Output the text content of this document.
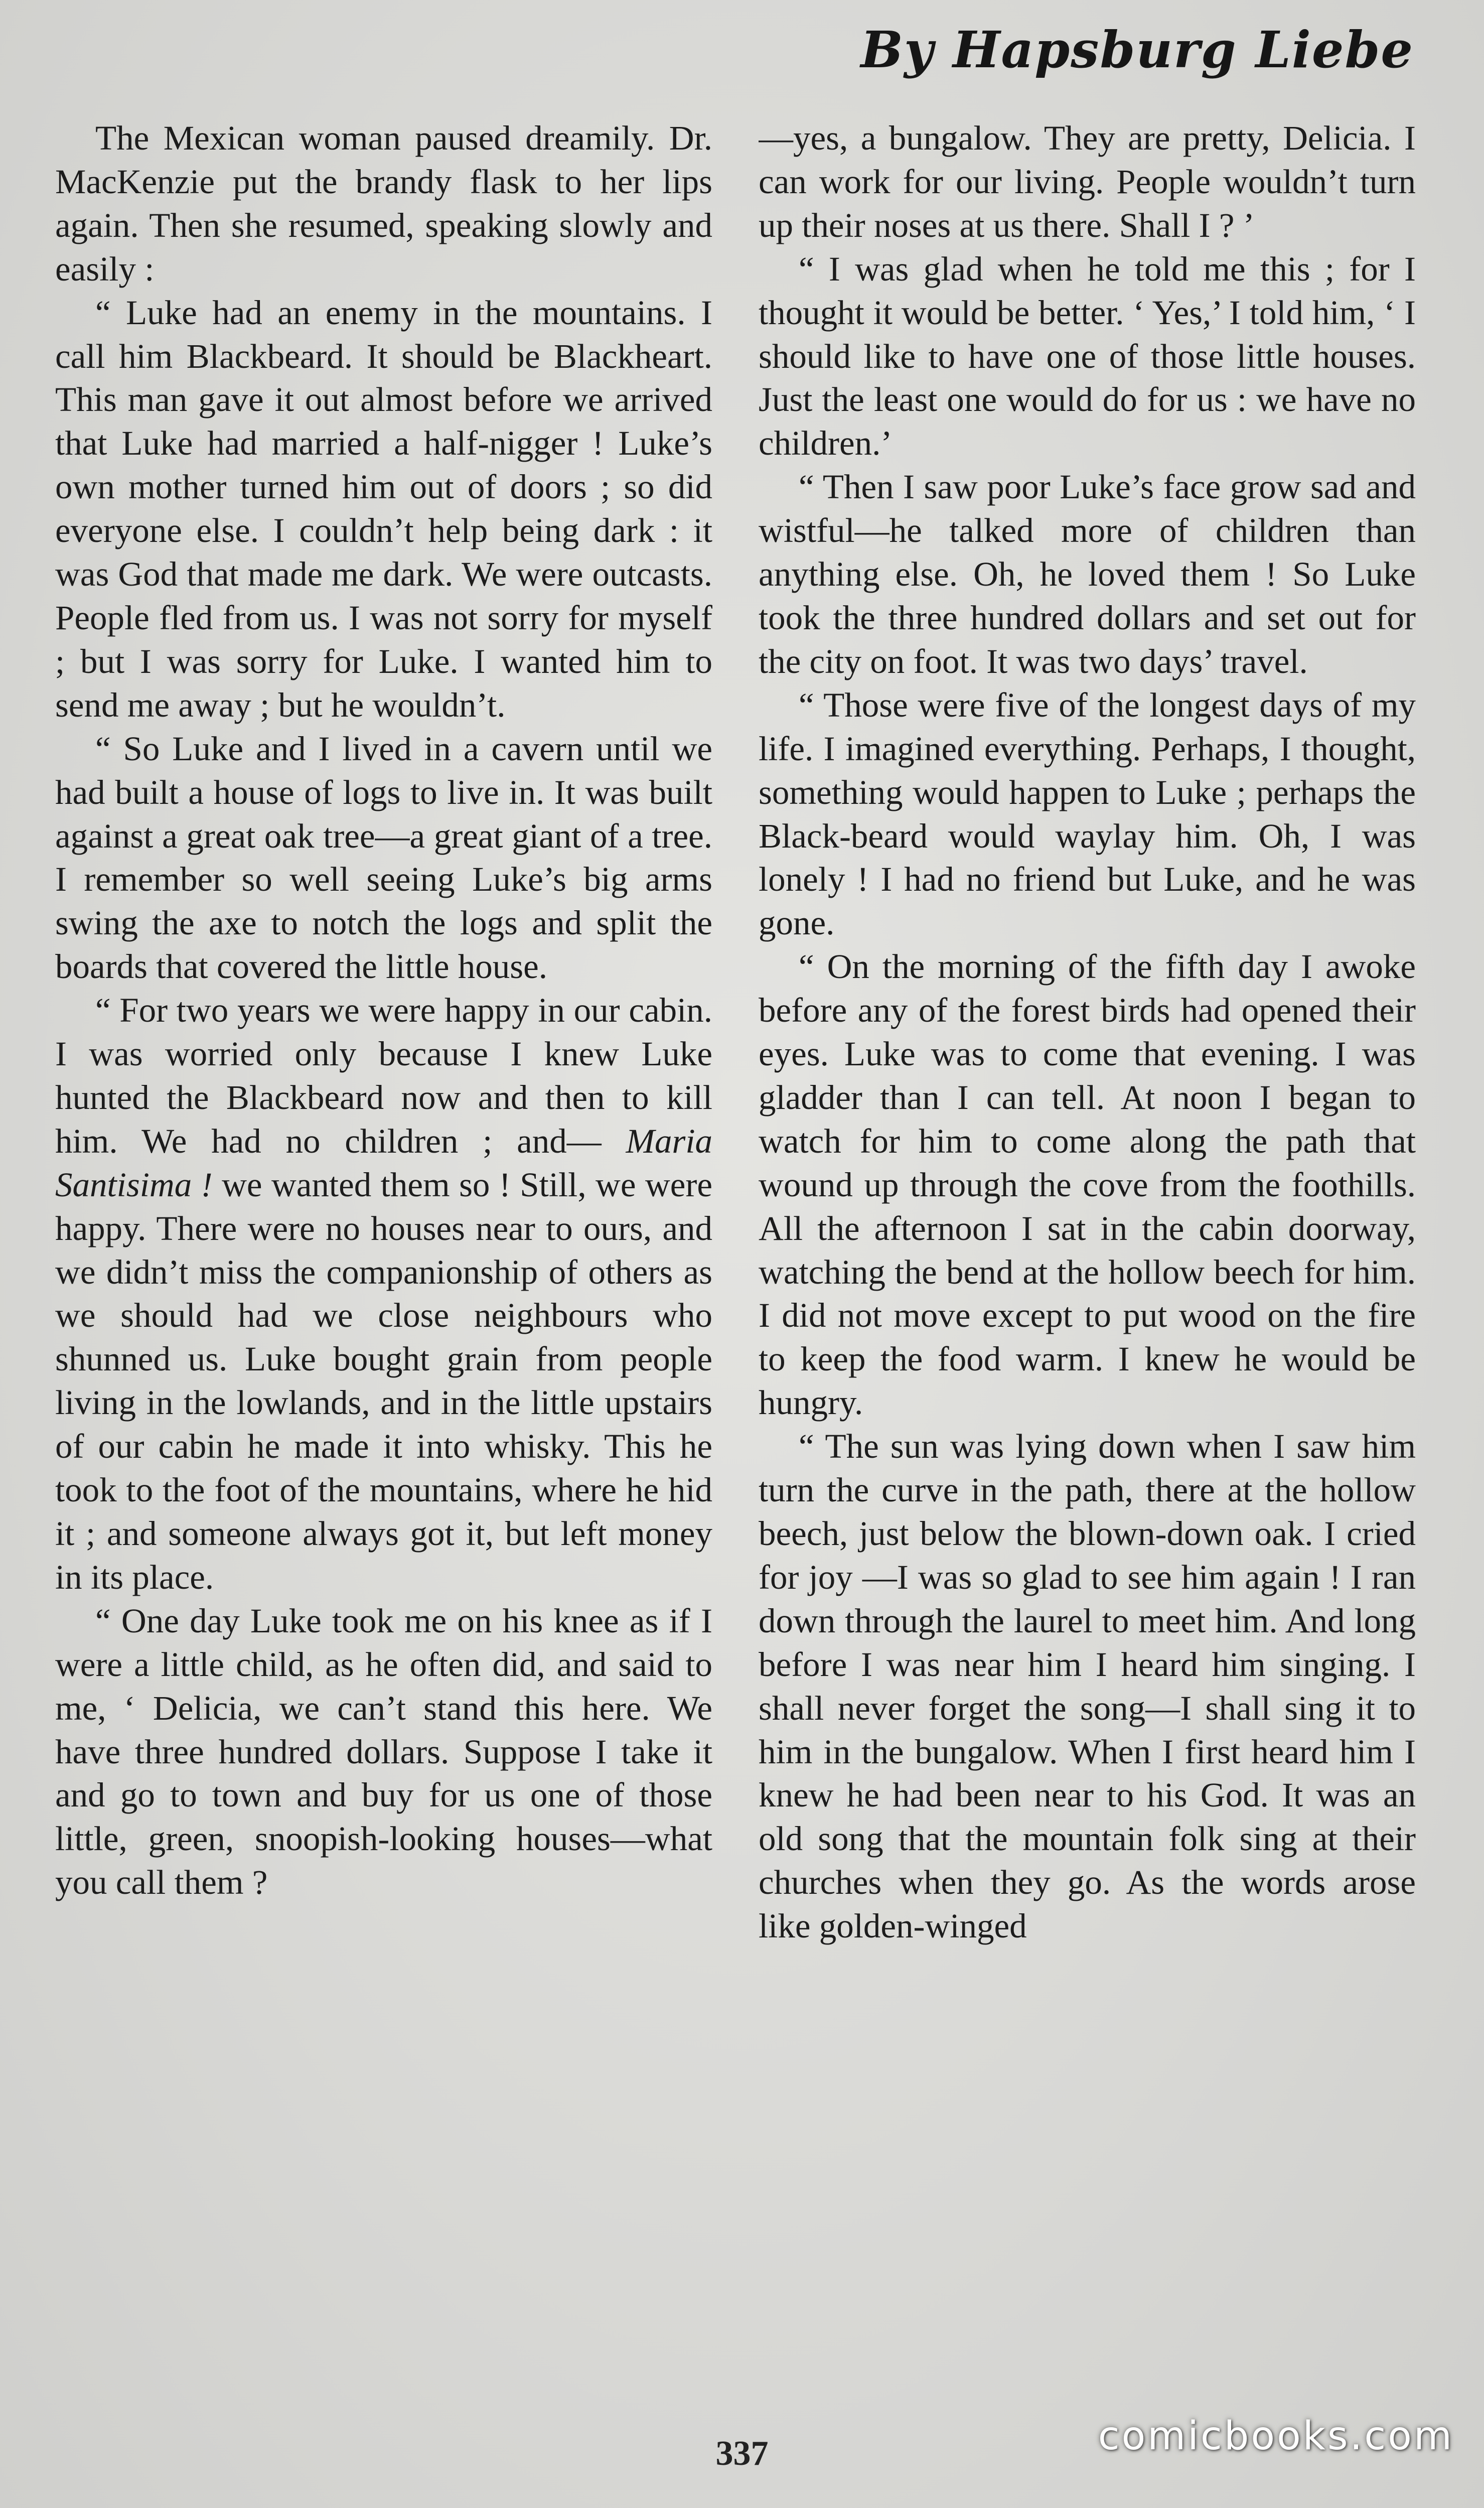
By Hapsburg Liebe

The Mexican woman paused dreamily. Dr. MacKenzie put the brandy flask to her lips again. Then she resumed, speaking slowly and easily :

“ Luke had an enemy in the mountains. I call him Blackbeard. It should be Blackheart. This man gave it out almost before we arrived that Luke had married a half-nigger ! Luke’s own mother turned him out of doors ; so did everyone else. I couldn’t help being dark : it was God that made me dark. We were outcasts. People fled from us. I was not sorry for myself ; but I was sorry for Luke. I wanted him to send me away ; but he wouldn’t.

“ So Luke and I lived in a cavern until we had built a house of logs to live in. It was built against a great oak tree—a great giant of a tree. I remember so well seeing Luke’s big arms swing the axe to notch the logs and split the boards that covered the little house.

“ For two years we were happy in our cabin. I was worried only because I knew Luke hunted the Blackbeard now and then to kill him. We had no children ; and— Maria Santisima ! we wanted them so ! Still, we were happy. There were no houses near to ours, and we didn’t miss the companionship of others as we should had we close neighbours who shunned us. Luke bought grain from people living in the lowlands, and in the little upstairs of our cabin he made it into whisky. This he took to the foot of the mountains, where he hid it ; and someone always got it, but left money in its place.

“ One day Luke took me on his knee as if I were a little child, as he often did, and said to me, ‘ Delicia, we can’t stand this here. We have three hundred dollars. Suppose I take it and go to town and buy for us one of those little, green, snoopish-looking houses—what you call them ?

—yes, a bungalow. They are pretty, Delicia. I can work for our living. People wouldn’t turn up their noses at us there. Shall I ? ’

“ I was glad when he told me this ; for I thought it would be better. ‘ Yes,’ I told him, ‘ I should like to have one of those little houses. Just the least one would do for us : we have no children.’

“ Then I saw poor Luke’s face grow sad and wistful—he talked more of children than anything else. Oh, he loved them ! So Luke took the three hundred dollars and set out for the city on foot. It was two days’ travel.

“ Those were five of the longest days of my life. I imagined everything. Perhaps, I thought, something would happen to Luke ; perhaps the Black-beard would waylay him. Oh, I was lonely ! I had no friend but Luke, and he was gone.

“ On the morning of the fifth day I awoke before any of the forest birds had opened their eyes. Luke was to come that evening. I was gladder than I can tell. At noon I began to watch for him to come along the path that wound up through the cove from the foothills. All the afternoon I sat in the cabin doorway, watching the bend at the hollow beech for him. I did not move except to put wood on the fire to keep the food warm. I knew he would be hungry.

“ The sun was lying down when I saw him turn the curve in the path, there at the hollow beech, just below the blown-down oak. I cried for joy —I was so glad to see him again ! I ran down through the laurel to meet him. And long before I was near him I heard him singing. I shall never forget the song—I shall sing it to him in the bungalow. When I first heard him I knew he had been near to his God. It was an old song that the mountain folk sing at their churches when they go. As the words arose like golden-winged

337	comicbooks.com
